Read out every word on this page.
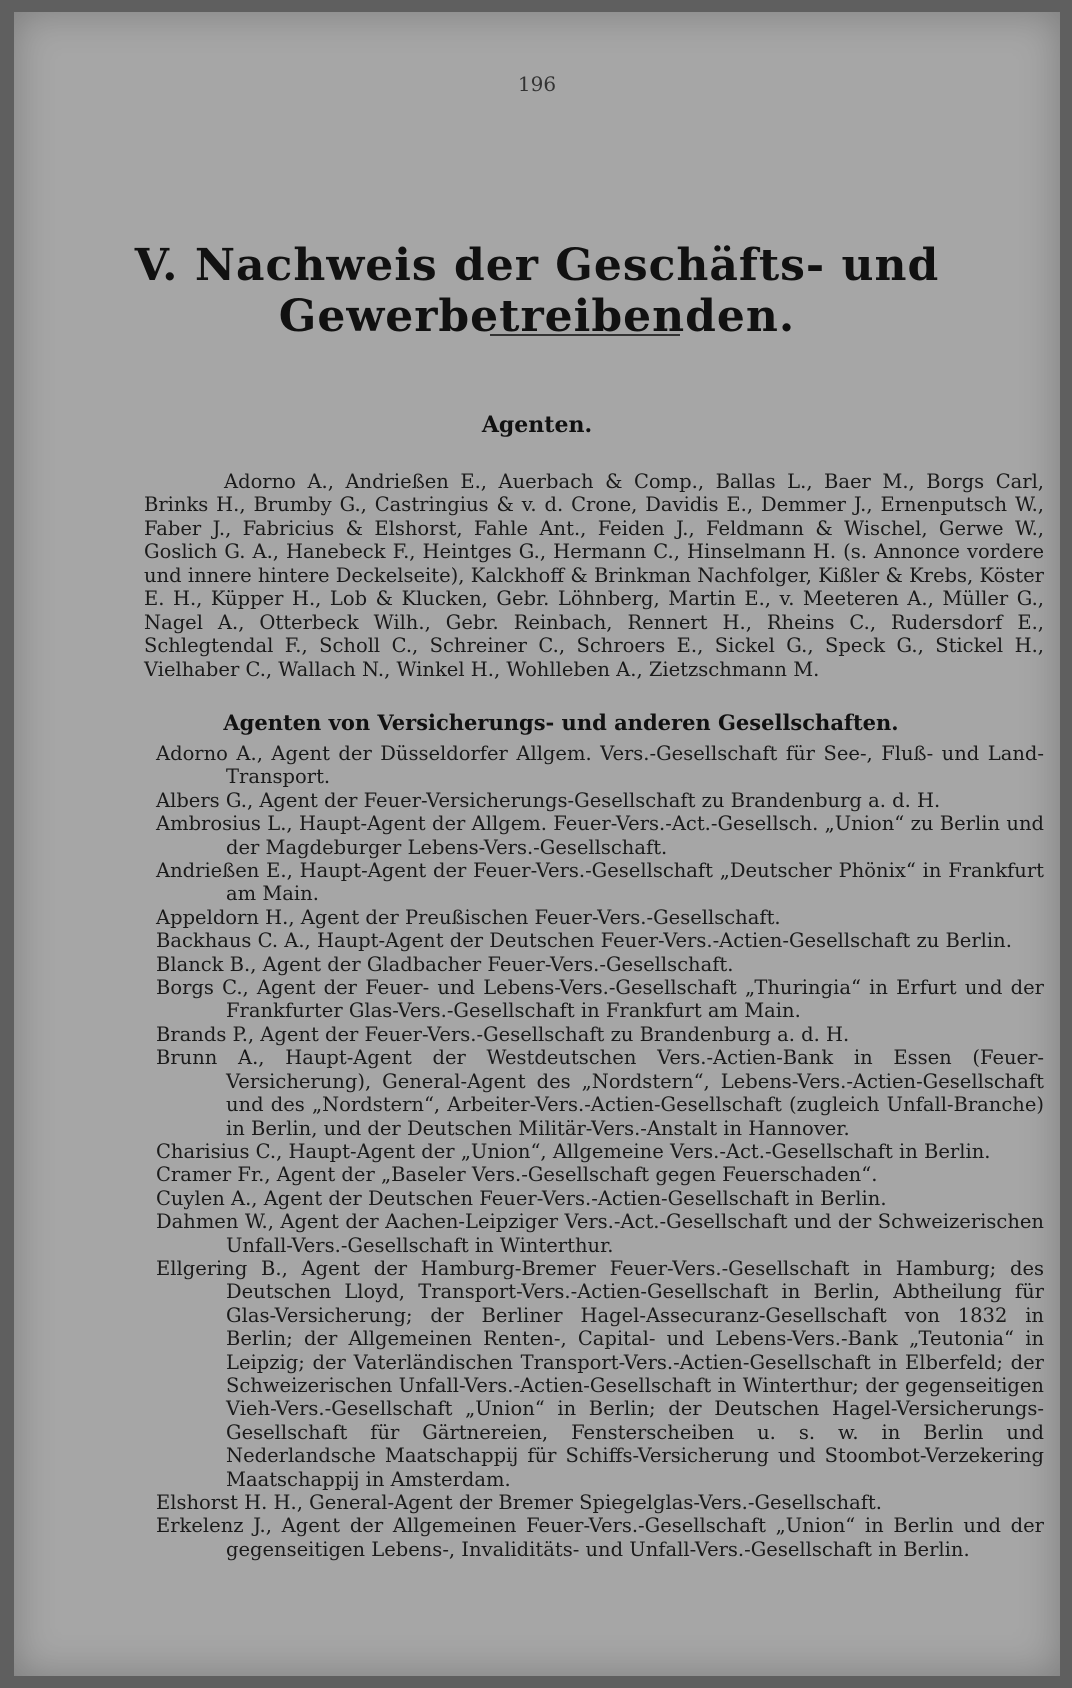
196
V. Nachweis der Geschäfts- und Gewerbetreibenden.
Agenten.

Adorno A., Andrießen E., Auerbach & Comp., Ballas L., Baer M., Borgs Carl, Brinks H., Brumby G., Castringius & v. d. Crone, Davidis E., Demmer J., Ernenputsch W., Faber J., Fabricius & Elshorst, Fahle Ant., Feiden J., Feldmann & Wischel, Gerwe W., Goslich G. A., Hanebeck F., Heintges G., Hermann C., Hinselmann H. (s. Annonce vordere und innere hintere Deckelseite), Kalckhoff & Brinkman Nachfolger, Kißler & Krebs, Köster E. H., Küpper H., Lob & Klucken, Gebr. Löhnberg, Martin E., v. Meeteren A., Müller G., Nagel A., Otterbeck Wilh., Gebr. Reinbach, Rennert H., Rheins C., Rudersdorf E., Schlegtendal F., Scholl C., Schreiner C., Schroers E., Sickel G., Speck G., Stickel H., Vielhaber C., Wallach N., Winkel H., Wohlleben A., Zietzschmann M.

Agenten von Versicherungs- und anderen Gesellschaften.

Adorno A., Agent der Düsseldorfer Allgem. Vers.-Gesellschaft für See-, Fluß- und Land-Transport.

Albers G., Agent der Feuer-Versicherungs-Gesellschaft zu Brandenburg a. d. H.

Ambrosius L., Haupt-Agent der Allgem. Feuer-Vers.-Act.-Gesellsch. „Union“ zu Berlin und der Magdeburger Lebens-Vers.-Gesellschaft.

Andrießen E., Haupt-Agent der Feuer-Vers.-Gesellschaft „Deutscher Phönix“ in Frankfurt am Main.

Appeldorn H., Agent der Preußischen Feuer-Vers.-Gesellschaft.

Backhaus C. A., Haupt-Agent der Deutschen Feuer-Vers.-Actien-Gesellschaft zu Berlin.

Blanck B., Agent der Gladbacher Feuer-Vers.-Gesellschaft.

Borgs C., Agent der Feuer- und Lebens-Vers.-Gesellschaft „Thuringia“ in Erfurt und der Frankfurter Glas-Vers.-Gesellschaft in Frankfurt am Main.

Brands P., Agent der Feuer-Vers.-Gesellschaft zu Brandenburg a. d. H.

Brunn A., Haupt-Agent der Westdeutschen Vers.-Actien-Bank in Essen (Feuer-Versicherung), General-Agent des „Nordstern“, Lebens-Vers.-Actien-Gesellschaft und des „Nordstern“, Arbeiter-Vers.-Actien-Gesellschaft (zugleich Unfall-Branche) in Berlin, und der Deutschen Militär-Vers.-Anstalt in Hannover.

Charisius C., Haupt-Agent der „Union“, Allgemeine Vers.-Act.-Gesellschaft in Berlin.

Cramer Fr., Agent der „Baseler Vers.-Gesellschaft gegen Feuerschaden“.

Cuylen A., Agent der Deutschen Feuer-Vers.-Actien-Gesellschaft in Berlin.

Dahmen W., Agent der Aachen-Leipziger Vers.-Act.-Gesellschaft und der Schweizerischen Unfall-Vers.-Gesellschaft in Winterthur.

Ellgering B., Agent der Hamburg-Bremer Feuer-Vers.-Gesellschaft in Hamburg; des Deutschen Lloyd, Transport-Vers.-Actien-Gesellschaft in Berlin, Abtheilung für Glas-Versicherung; der Berliner Hagel-Assecuranz-Gesellschaft von 1832 in Berlin; der Allgemeinen Renten-, Capital- und Lebens-Vers.-Bank „Teutonia“ in Leipzig; der Vaterländischen Transport-Vers.-Actien-Gesellschaft in Elberfeld; der Schweizerischen Unfall-Vers.-Actien-Gesellschaft in Winterthur; der gegenseitigen Vieh-Vers.-Gesellschaft „Union“ in Berlin; der Deutschen Hagel-Versicherungs-Gesellschaft für Gärtnereien, Fensterscheiben u. s. w. in Berlin und Nederlandsche Maatschappij für Schiffs-Versicherung und Stoombot-Verzekering Maatschappij in Amsterdam.

Elshorst H. H., General-Agent der Bremer Spiegelglas-Vers.-Gesellschaft.

Erkelenz J., Agent der Allgemeinen Feuer-Vers.-Gesellschaft „Union“ in Berlin und der gegenseitigen Lebens-, Invaliditäts- und Unfall-Vers.-Gesellschaft in Berlin.
